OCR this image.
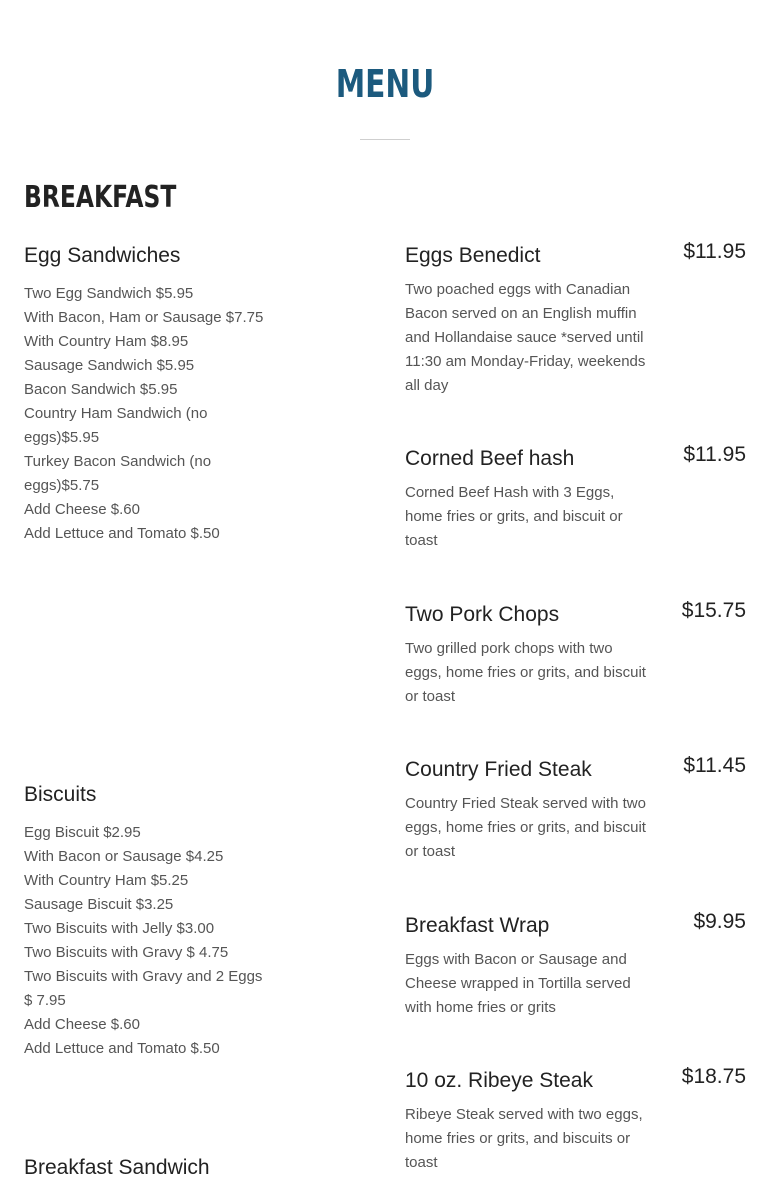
MENU
BREAKFAST
Egg Sandwiches
Two Egg Sandwich $5.95
With Bacon, Ham or Sausage $7.75
With Country Ham $8.95
Sausage Sandwich $5.95
Bacon Sandwich $5.95
Country Ham Sandwich (no
eggs)$5.95
Turkey Bacon Sandwich (no
eggs)$5.75
Add Cheese $.60
Add Lettuce and Tomato $.50
Biscuits
Egg Biscuit $2.95
With Bacon or Sausage $4.25
With Country Ham $5.25
Sausage Biscuit $3.25
Two Biscuits with Jelly $3.00
Two Biscuits with Gravy $ 4.75
Two Biscuits with Gravy and 2 Eggs
$ 7.95
Add Cheese $.60
Add Lettuce and Tomato $.50
Breakfast Sandwich
Eggs Benedict	$11.95
Two poached eggs with Canadian Bacon served on an English muffin and Hollandaise sauce *served until 11:30 am Monday-Friday, weekends all day
Corned Beef hash	$11.95
Corned Beef Hash with 3 Eggs, home fries or grits, and biscuit or toast
Two Pork Chops	$15.75
Two grilled pork chops with two eggs, home fries or grits, and biscuit or toast
Country Fried Steak	$11.45
Country Fried Steak served with two eggs, home fries or grits, and biscuit or toast
Breakfast Wrap	$9.95
Eggs with Bacon or Sausage and Cheese wrapped in Tortilla served with home fries or grits
10 oz. Ribeye Steak	$18.75
Ribeye Steak served with two eggs, home fries or grits, and biscuits or toast
